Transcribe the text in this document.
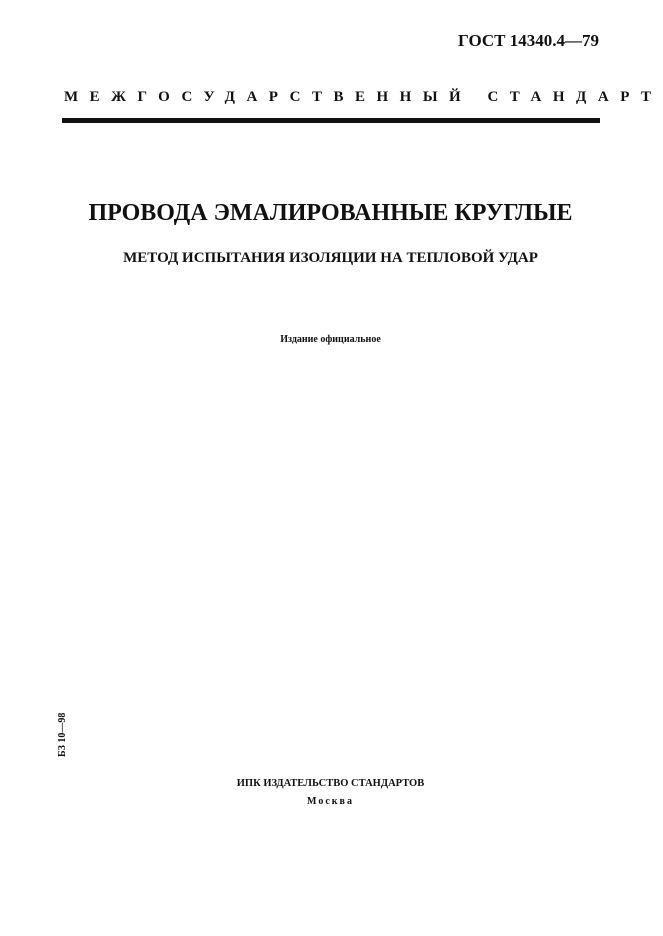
ГОСТ 14340.4—79
МЕЖГОСУДАРСТВЕННЫЙ СТАНДАРТ
ПРОВОДА ЭМАЛИРОВАННЫЕ КРУГЛЫЕ
МЕТОД ИСПЫТАНИЯ ИЗОЛЯЦИИ НА ТЕПЛОВОЙ УДАР
Издание официальное
БЗ 10—98
ИПК ИЗДАТЕЛЬСТВО СТАНДАРТОВ
Москва
